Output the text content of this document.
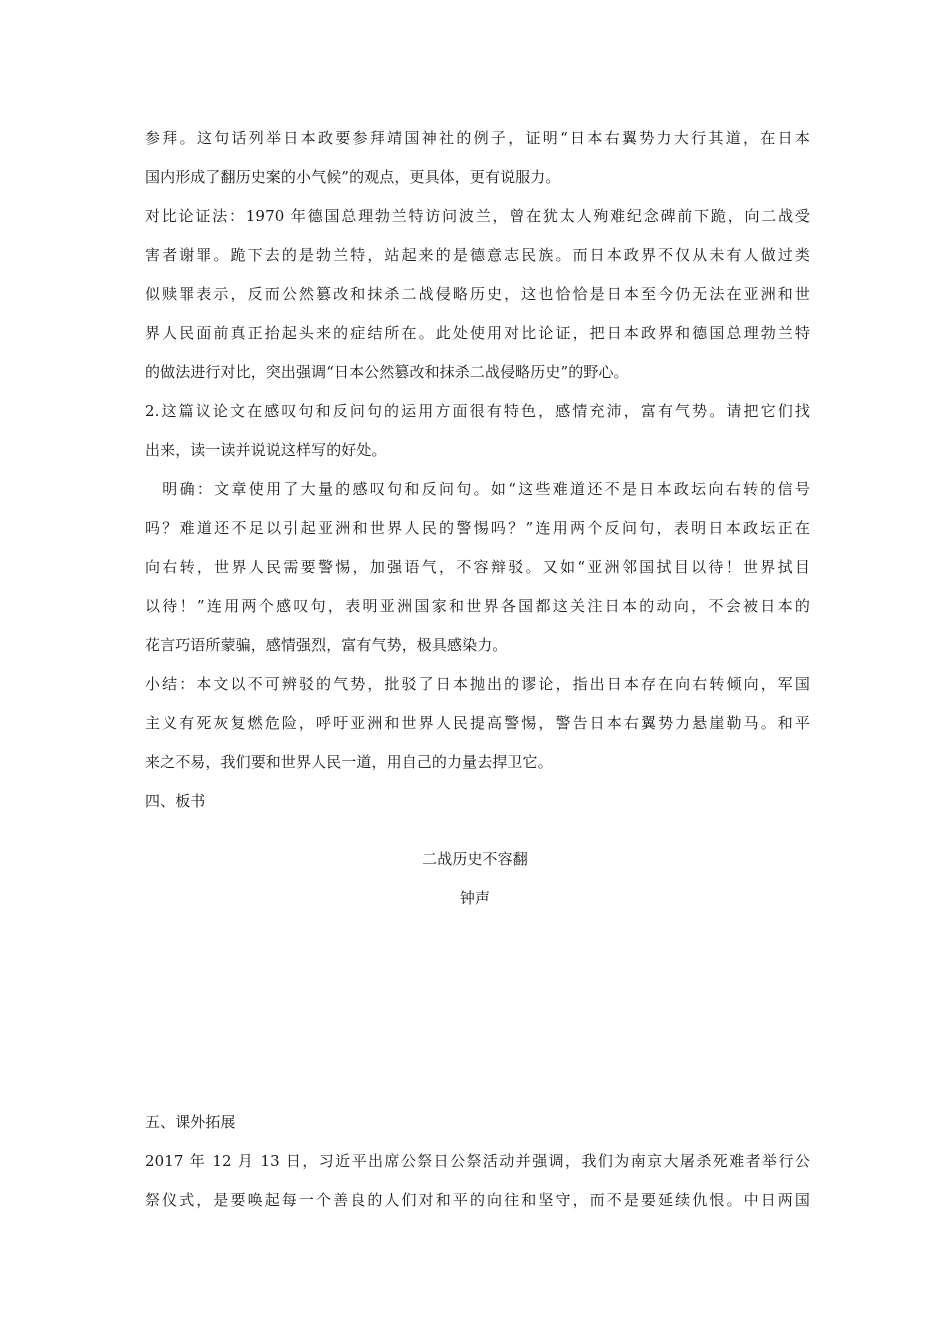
参拜。这句话列举日本政要参拜靖国神社的例子，证明“日本右翼势力大行其道，在日本
国内形成了翻历史案的小气候”的观点，更具体，更有说服力。
对比论证法：1970 年德国总理勃兰特访问波兰，曾在犹太人殉难纪念碑前下跪，向二战受
害者谢罪。跪下去的是勃兰特，站起来的是德意志民族。而日本政界不仅从未有人做过类
似赎罪表示，反而公然篡改和抹杀二战侵略历史，这也恰恰是日本至今仍无法在亚洲和世
界人民面前真正抬起头来的症结所在。此处使用对比论证，把日本政界和德国总理勃兰特
的做法进行对比，突出强调“日本公然篡改和抹杀二战侵略历史”的野心。
2.这篇议论文在感叹句和反问句的运用方面很有特色，感情充沛，富有气势。请把它们找
出来，读一读并说说这样写的好处。
　明确：文章使用了大量的感叹句和反问句。如“这些难道还不是日本政坛向右转的信号
吗？难道还不足以引起亚洲和世界人民的警惕吗？”连用两个反问句，表明日本政坛正在
向右转，世界人民需要警惕，加强语气，不容辩驳。又如“亚洲邻国拭目以待！世界拭目
以待！”连用两个感叹句，表明亚洲国家和世界各国都这关注日本的动向，不会被日本的
花言巧语所蒙骗，感情强烈，富有气势，极具感染力。
小结：本文以不可辨驳的气势，批驳了日本抛出的谬论，指出日本存在向右转倾向，军国
主义有死灰复燃危险，呼吁亚洲和世界人民提高警惕，警告日本右翼势力悬崖勒马。和平
来之不易，我们要和世界人民一道，用自己的力量去捍卫它。
四、板书
二战历史不容翻
钟声
五、课外拓展
2017 年 12 月 13 日，习近平出席公祭日公祭活动并强调，我们为南京大屠杀死难者举行公
祭仪式，是要唤起每一个善良的人们对和平的向往和坚守，而不是要延续仇恨。中日两国
